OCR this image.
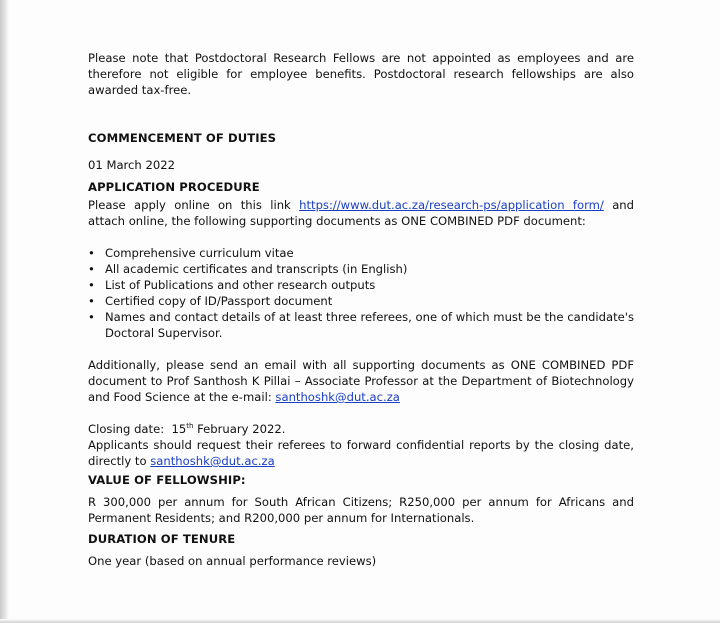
Please note that Postdoctoral Research Fellows are not appointed as employees and are therefore not eligible for employee benefits. Postdoctoral research fellowships are also awarded tax-free.

COMMENCEMENT OF DUTIES

01 March 2022

APPLICATION PROCEDURE

Please apply online on this link https://www.dut.ac.za/research-ps/application form/ and attach online, the following supporting documents as ONE COMBINED PDF document:

• Comprehensive curriculum vitae
• All academic certificates and transcripts (in English)
• List of Publications and other research outputs
• Certified copy of ID/Passport document
• Names and contact details of at least three referees, one of which must be the candidate's Doctoral Supervisor.

Additionally, please send an email with all supporting documents as ONE COMBINED PDF document to Prof Santhosh K Pillai – Associate Professor at the Department of Biotechnology and Food Science at the e-mail: santhoshk@dut.ac.za

Closing date: 15th February 2022.

Applicants should request their referees to forward confidential reports by the closing date, directly to santhoshk@dut.ac.za

VALUE OF FELLOWSHIP:

R 300,000 per annum for South African Citizens; R250,000 per annum for Africans and Permanent Residents; and R200,000 per annum for Internationals.

DURATION OF TENURE

One year (based on annual performance reviews)
